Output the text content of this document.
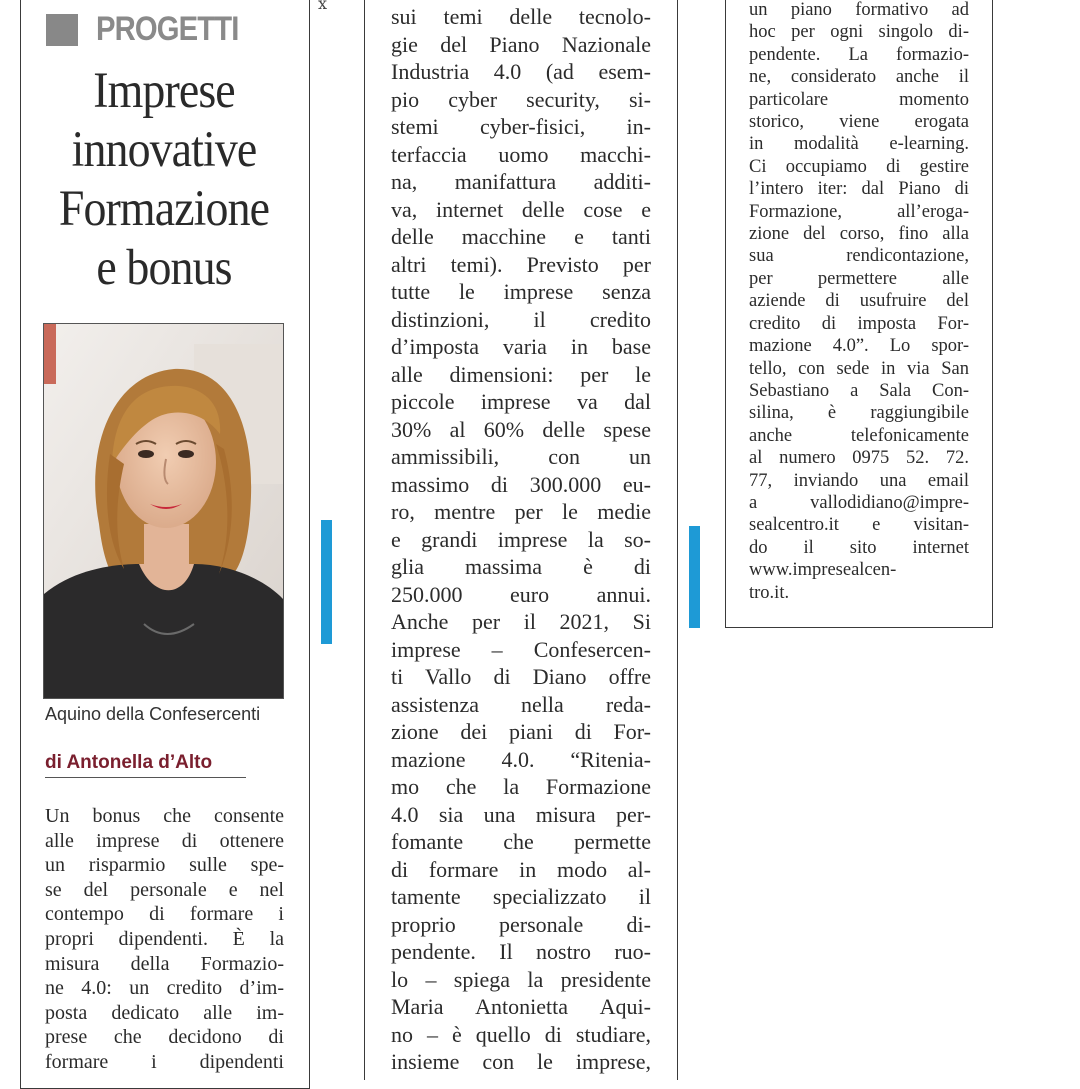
x
PROGETTI
Imprese
innovative
Formazione
e bonus
Aquino della Confesercenti
di Antonella d’Alto
Un bonus che consente
alle imprese di ottenere
un risparmio sulle spe-
se del personale e nel
contempo di formare i
propri dipendenti. È la
misura della Formazio-
ne 4.0: un credito d’im-
posta dedicato alle im-
prese che decidono di
formare i dipendenti
sui temi delle tecnolo-
gie del Piano Nazionale
Industria 4.0 (ad esem-
pio cyber security, si-
stemi cyber-fisici, in-
terfaccia uomo macchi-
na, manifattura additi-
va, internet delle cose e
delle macchine e tanti
altri temi). Previsto per
tutte le imprese senza
distinzioni, il credito
d’imposta varia in base
alle dimensioni: per le
piccole imprese va dal
30% al 60% delle spese
ammissibili, con un
massimo di 300.000 eu-
ro, mentre per le medie
e grandi imprese la so-
glia massima è di
250.000 euro annui.
Anche per il 2021, Si
imprese – Confesercen-
ti Vallo di Diano offre
assistenza nella reda-
zione dei piani di For-
mazione 4.0. “Ritenia-
mo che la Formazione
4.0 sia una misura per-
fomante che permette
di formare in modo al-
tamente specializzato il
proprio personale di-
pendente. Il nostro ruo-
lo – spiega la presidente
Maria Antonietta Aqui-
no – è quello di studiare,
insieme con le imprese,
un piano formativo ad
hoc per ogni singolo di-
pendente. La formazio-
ne, considerato anche il
particolare momento
storico, viene erogata
in modalità e-learning.
Ci occupiamo di gestire
l’intero iter: dal Piano di
Formazione, all’eroga-
zione del corso, fino alla
sua rendicontazione,
per permettere alle
aziende di usufruire del
credito di imposta For-
mazione 4.0”. Lo spor-
tello, con sede in via San
Sebastiano a Sala Con-
silina, è raggiungibile
anche telefonicamente
al numero 0975 52. 72.
77, inviando una email
a vallodidiano@impre-
sealcentro.it e visitan-
do il sito internet
www.impresealcen-
tro.it.
